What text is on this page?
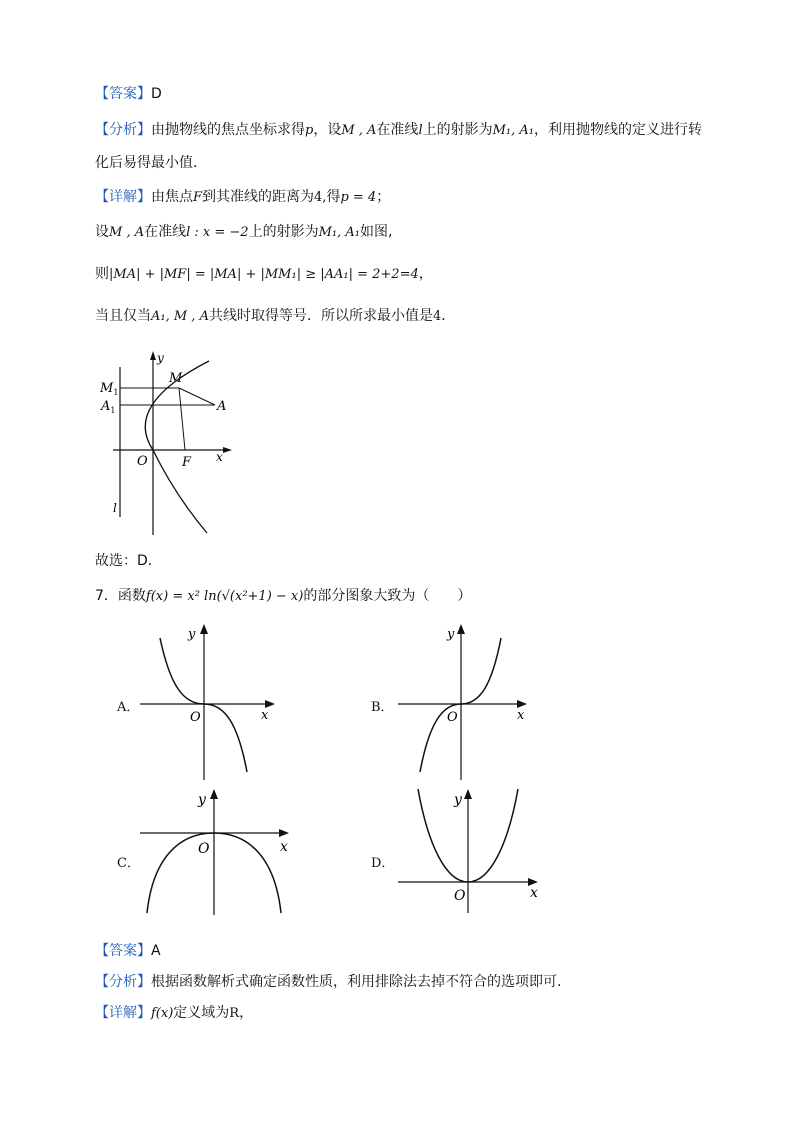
【答案】D
【分析】由抛物线的焦点坐标求得p，设M , A在准线l上的射影为M₁, A₁，利用抛物线的定义进行转
化后易得最小值．
【详解】由焦点F到其准线的距离为4,得p = 4；
设M , A在准线l : x = −2上的射影为M₁, A₁如图,
则|MA| + |MF| = |MA| + |MM₁| ≥ |AA₁| = 2+2=4，
当且仅当A₁, M , A共线时取得等号．所以所求最小值是4．
y
x
l
M
A
$M_1$
$A_1$
O	F
故选：D．
7．函数f(x) = x² ln(√(x²+1) − x)的部分图象大致为（　　）
A．
y
x
O
B．
y
x
O
C．
y
x
O
D．
y
x
O
【答案】A
【分析】根据函数解析式确定函数性质，利用排除法去掉不符合的选项即可.
【详解】f(x)定义域为R，
